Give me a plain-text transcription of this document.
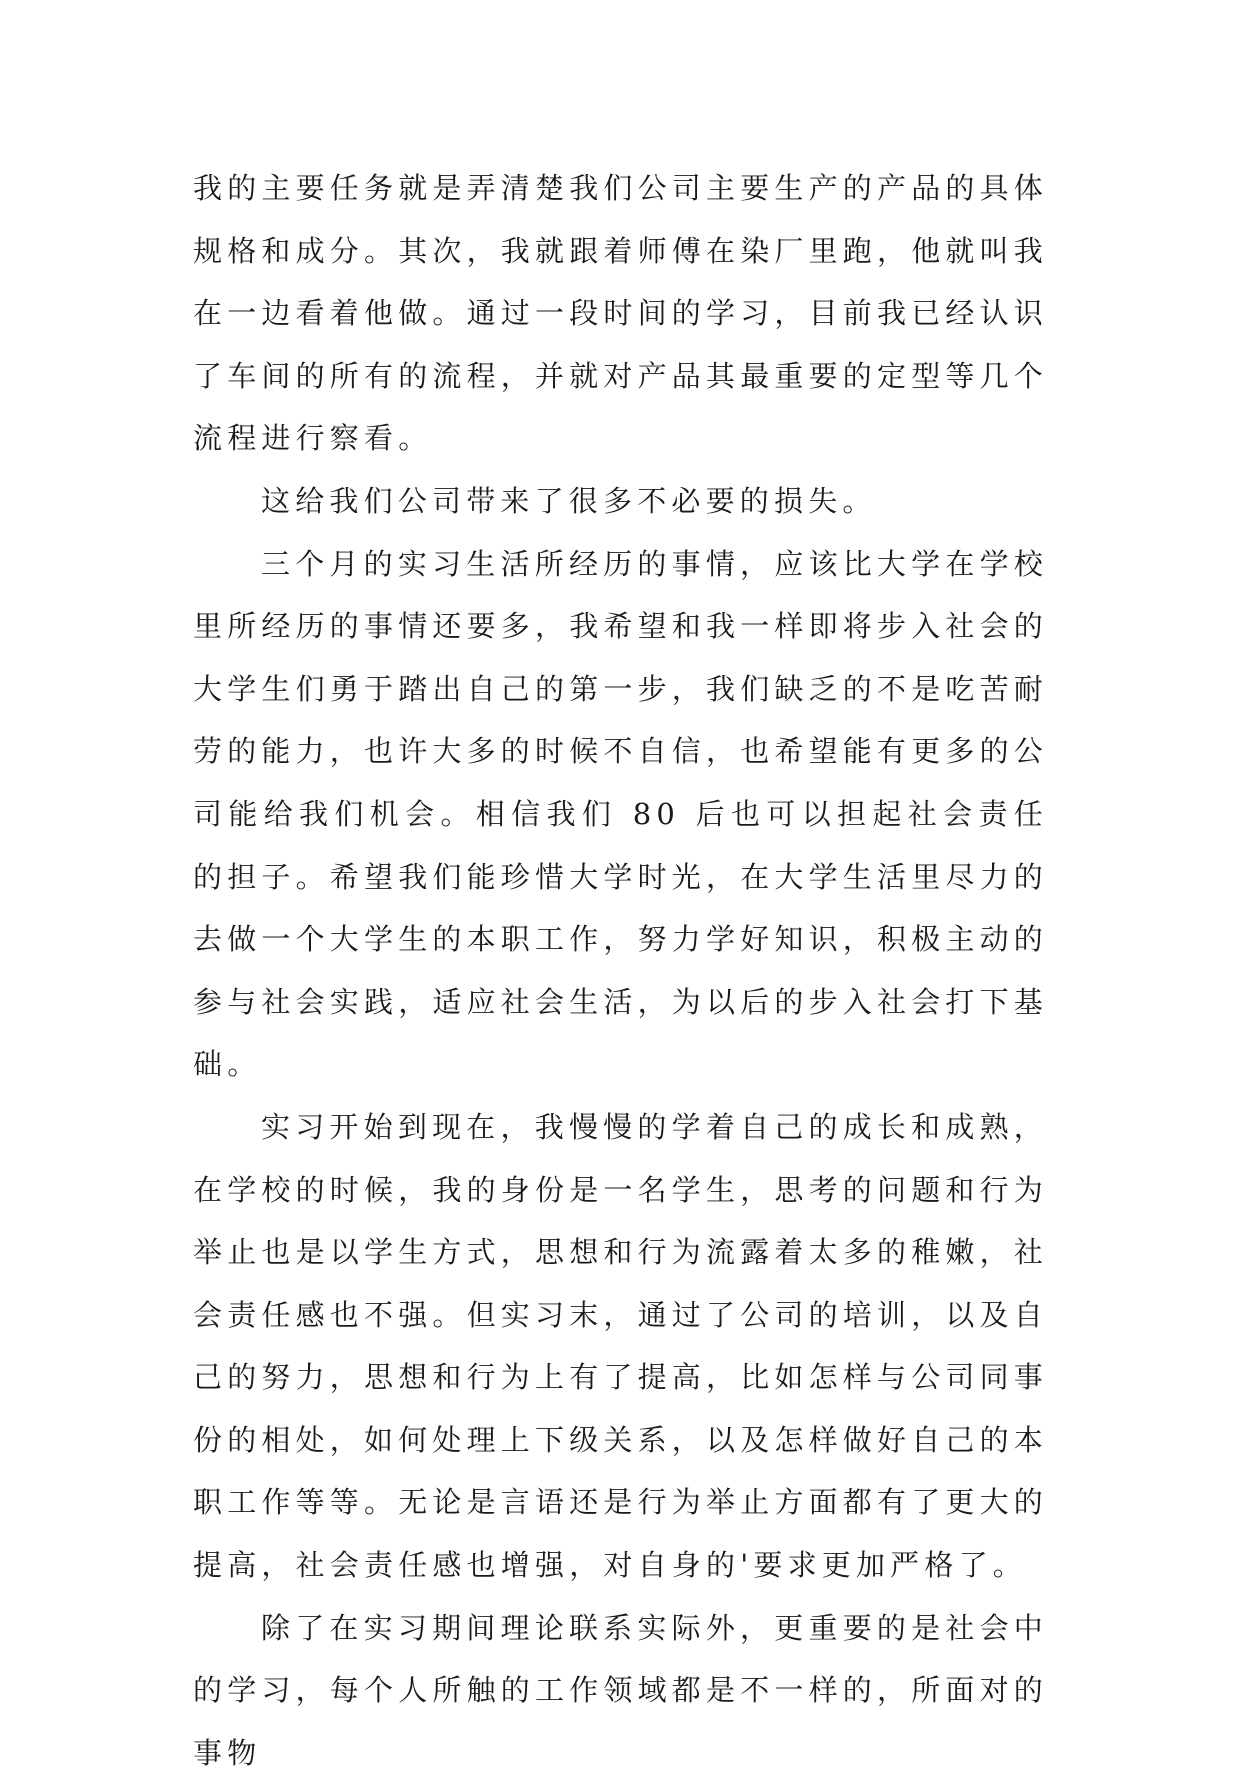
我的主要任务就是弄清楚我们公司主要生产的产品的具体规格和成分。其次，我就跟着师傅在染厂里跑，他就叫我在一边看着他做。通过一段时间的学习，目前我已经认识了车间的所有的流程，并就对产品其最重要的定型等几个流程进行察看。

这给我们公司带来了很多不必要的损失。

三个月的实习生活所经历的事情，应该比大学在学校里所经历的事情还要多，我希望和我一样即将步入社会的大学生们勇于踏出自己的第一步，我们缺乏的不是吃苦耐劳的能力，也许大多的时候不自信，也希望能有更多的公司能给我们机会。相信我们 80 后也可以担起社会责任的担子。希望我们能珍惜大学时光，在大学生活里尽力的去做一个大学生的本职工作，努力学好知识，积极主动的参与社会实践，适应社会生活，为以后的步入社会打下基础。

实习开始到现在，我慢慢的学着自己的成长和成熟，在学校的时候，我的身份是一名学生，思考的问题和行为举止也是以学生方式，思想和行为流露着太多的稚嫩，社会责任感也不强。但实习末，通过了公司的培训，以及自己的努力，思想和行为上有了提高，比如怎样与公司同事份的相处，如何处理上下级关系，以及怎样做好自己的本职工作等等。无论是言语还是行为举止方面都有了更大的提高，社会责任感也增强，对自身的'要求更加严格了。

除了在实习期间理论联系实际外，更重要的是社会中的学习，每个人所触的工作领域都是不一样的，所面对的事物
